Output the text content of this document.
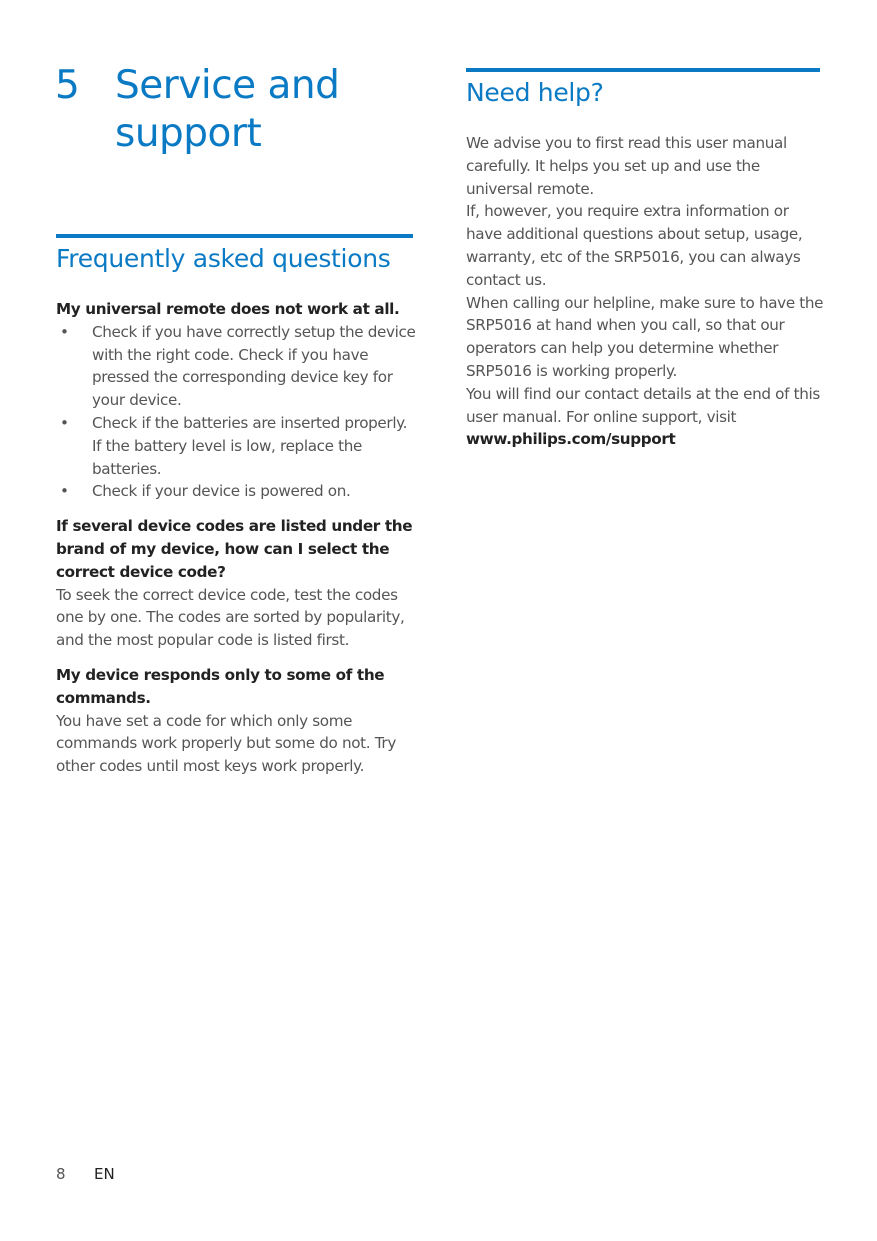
5 Service and
support
Frequently asked questions

My universal remote does not work at all.

• Check if you have correctly setup the device with the right code. Check if you have pressed the corresponding device key for your device.
• Check if the batteries are inserted properly. If the battery level is low, replace the batteries.
• Check if your device is powered on.

If several device codes are listed under the brand of my device, how can I select the correct device code?

To seek the correct device code, test the codes one by one. The codes are sorted by popularity, and the most popular code is listed first.

My device responds only to some of the commands.

You have set a code for which only some commands work properly but some do not. Try other codes until most keys work properly.

Need help?

We advise you to first read this user manual carefully. It helps you set up and use the universal remote.

If, however, you require extra information or have additional questions about setup, usage, warranty, etc of the SRP5016, you can always contact us.

When calling our helpline, make sure to have the SRP5016 at hand when you call, so that our operators can help you determine whether SRP5016 is working properly.

You will find our contact details at the end of this user manual. For online support, visit

www.philips.com/support
8	EN
